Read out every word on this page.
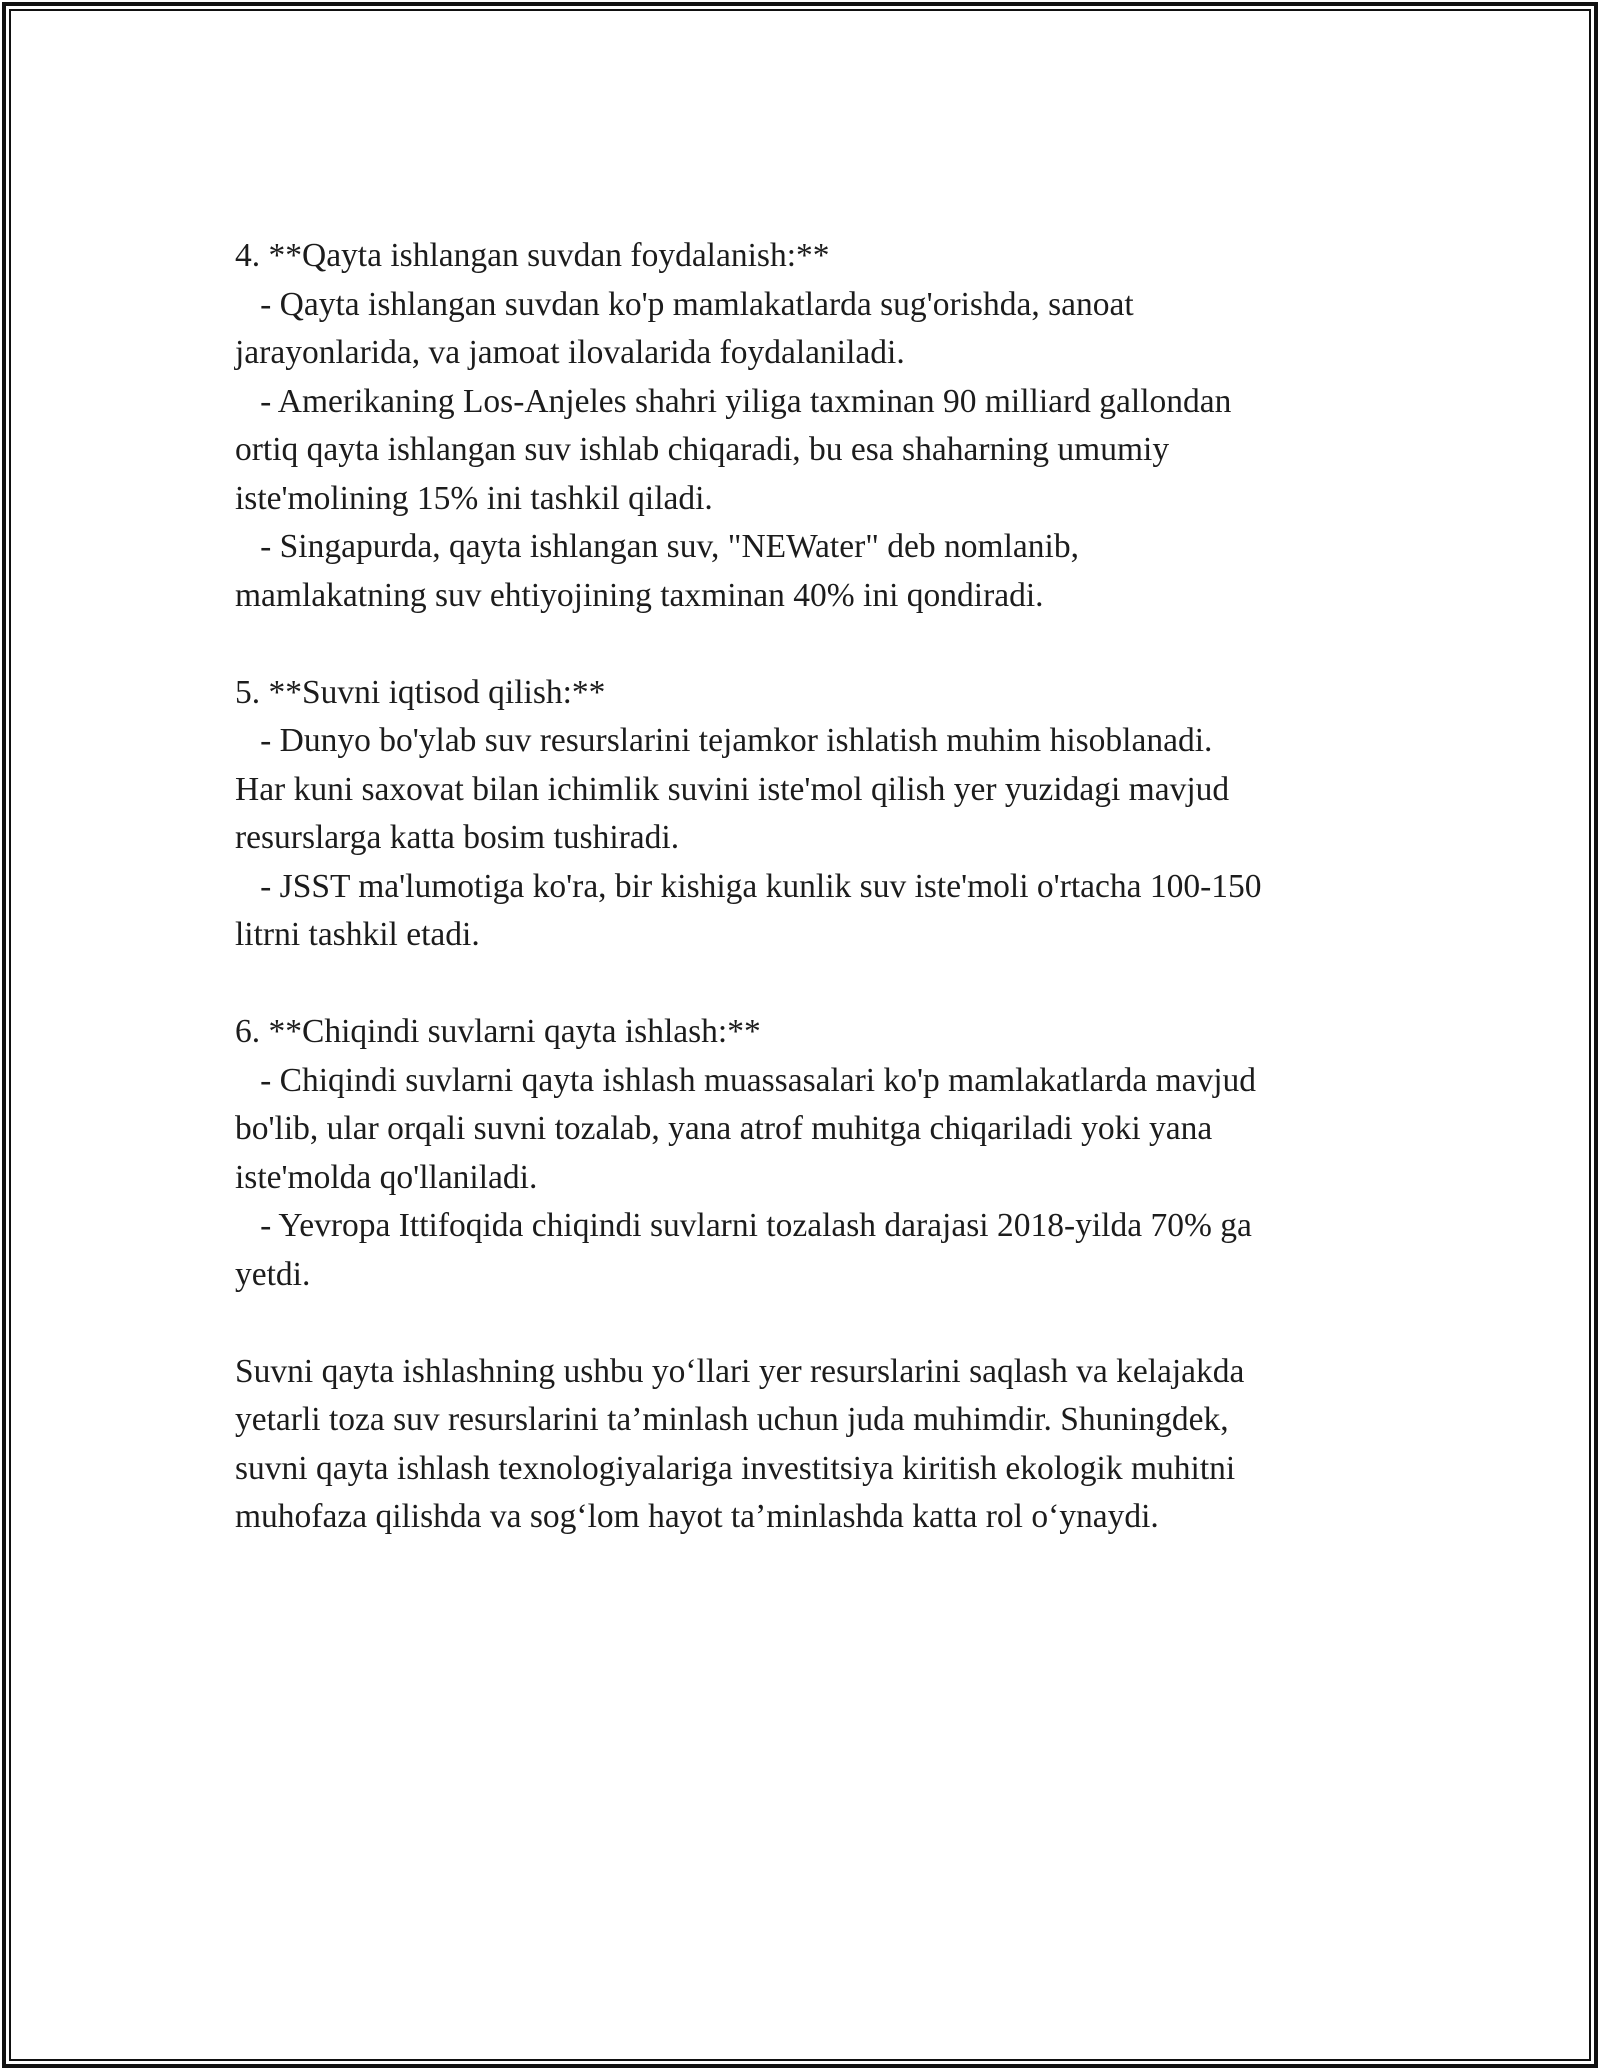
4. **Qayta ishlangan suvdan foydalanish:**
- Qayta ishlangan suvdan ko'p mamlakatlarda sug'orishda, sanoat
jarayonlarida, va jamoat ilovalarida foydalaniladi.
- Amerikaning Los-Anjeles shahri yiliga taxminan 90 milliard gallondan
ortiq qayta ishlangan suv ishlab chiqaradi, bu esa shaharning umumiy
iste'molining 15% ini tashkil qiladi.
- Singapurda, qayta ishlangan suv, "NEWater" deb nomlanib,
mamlakatning suv ehtiyojining taxminan 40% ini qondiradi.
5. **Suvni iqtisod qilish:**
- Dunyo bo'ylab suv resurslarini tejamkor ishlatish muhim hisoblanadi.
Har kuni saxovat bilan ichimlik suvini iste'mol qilish yer yuzidagi mavjud
resurslarga katta bosim tushiradi.
- JSST ma'lumotiga ko'ra, bir kishiga kunlik suv iste'moli o'rtacha 100-150
litrni tashkil etadi.
6. **Chiqindi suvlarni qayta ishlash:**
- Chiqindi suvlarni qayta ishlash muassasalari ko'p mamlakatlarda mavjud
bo'lib, ular orqali suvni tozalab, yana atrof muhitga chiqariladi yoki yana
iste'molda qo'llaniladi.
- Yevropa Ittifoqida chiqindi suvlarni tozalash darajasi 2018-yilda 70% ga
yetdi.
Suvni qayta ishlashning ushbu yo‘llari yer resurslarini saqlash va kelajakda
yetarli toza suv resurslarini ta’minlash uchun juda muhimdir. Shuningdek,
suvni qayta ishlash texnologiyalariga investitsiya kiritish ekologik muhitni
muhofaza qilishda va sog‘lom hayot ta’minlashda katta rol o‘ynaydi.
